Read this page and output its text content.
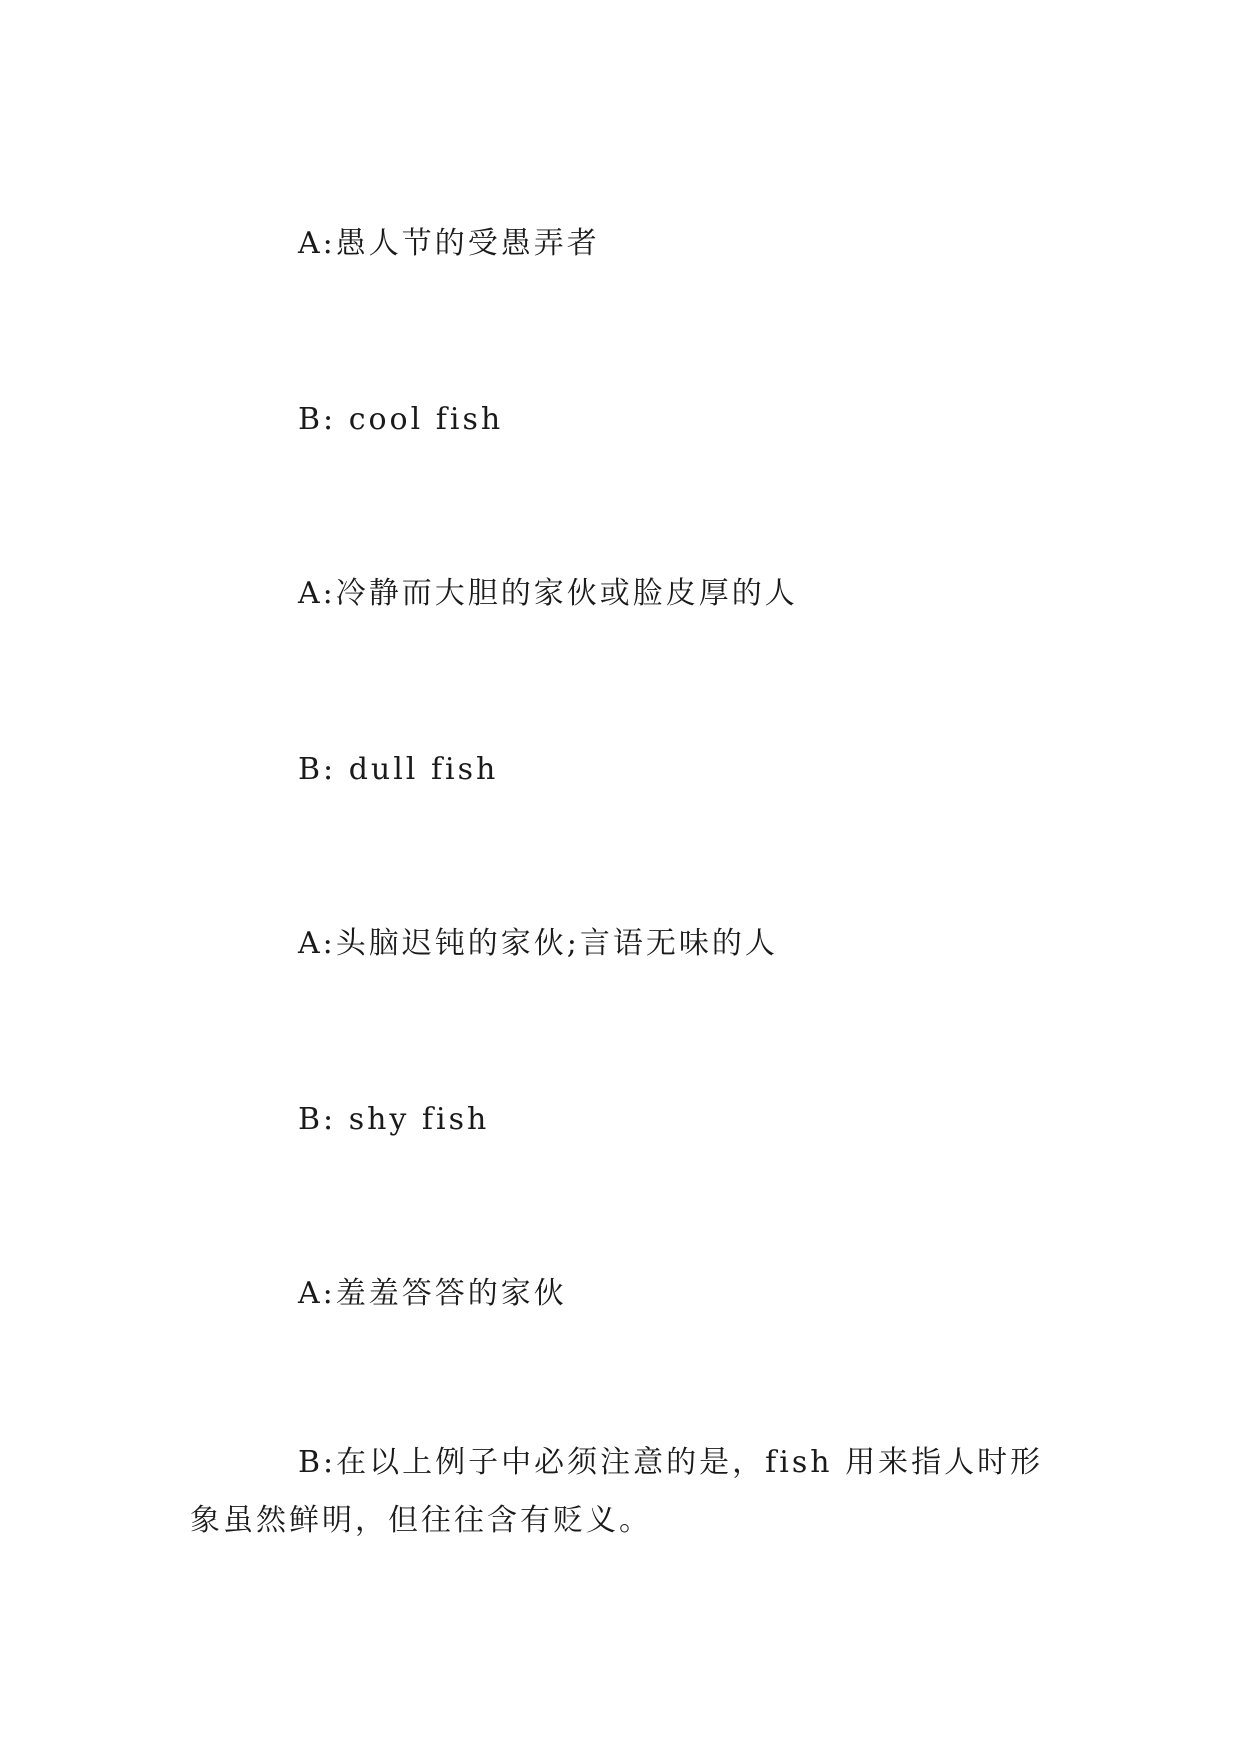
A:愚人节的受愚弄者
B: cool fish
A:冷静而大胆的家伙或脸皮厚的人
B: dull fish
A:头脑迟钝的家伙;言语无味的人
B: shy fish
A:羞羞答答的家伙
B:在以上例子中必须注意的是，fish 用来指人时形
象虽然鲜明，但往往含有贬义。
